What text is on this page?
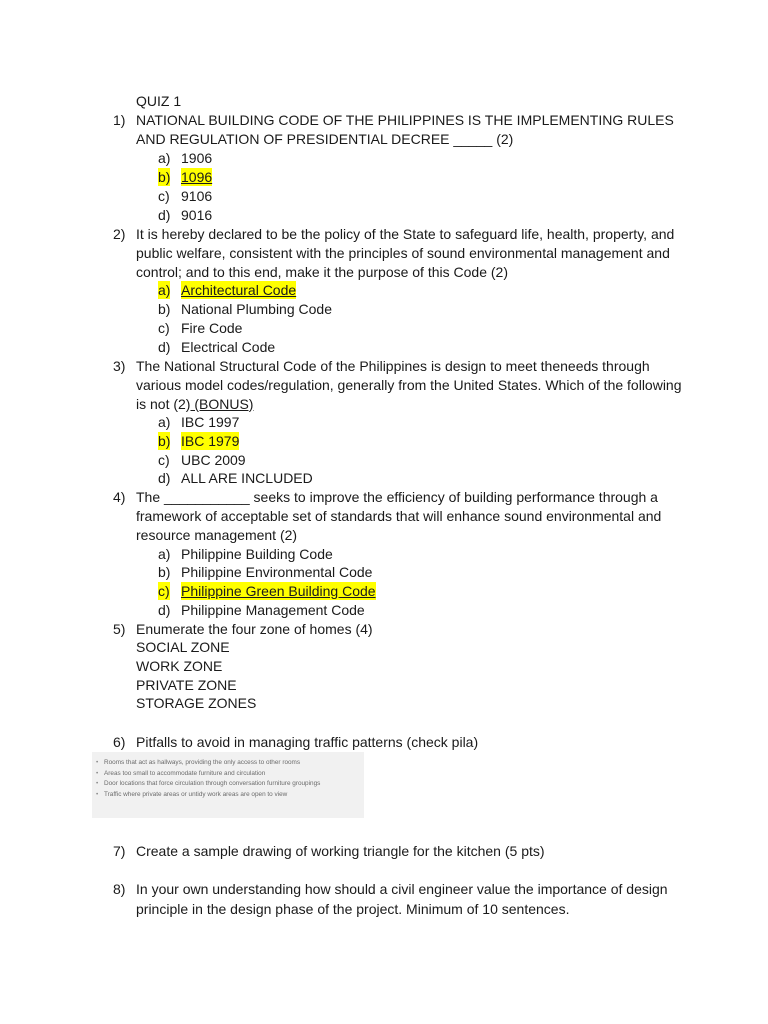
QUIZ 1
1) NATIONAL BUILDING CODE OF THE PHILIPPINES IS THE IMPLEMENTING RULES
AND REGULATION OF PRESIDENTIAL DECREE _____ (2)
a) 1906
b) 1096
c) 9106
d) 9016
2) It is hereby declared to be the policy of the State to safeguard life, health, property, and
public welfare, consistent with the principles of sound environmental management and
control; and to this end, make it the purpose of this Code (2)
a) Architectural Code
b) National Plumbing Code
c) Fire Code
d) Electrical Code
3) The National Structural Code of the Philippines is design to meet theneeds through
various model codes/regulation, generally from the United States. Which of the following
is not (2) (BONUS)
a) IBC 1997
b) IBC 1979
c) UBC 2009
d) ALL ARE INCLUDED
4) The ___________ seeks to improve the efficiency of building performance through a
framework of acceptable set of standards that will enhance sound environmental and
resource management (2)
a) Philippine Building Code
b) Philippine Environmental Code
c) Philippine Green Building Code
d) Philippine Management Code
5) Enumerate the four zone of homes (4)
SOCIAL ZONE
WORK ZONE
PRIVATE ZONE
STORAGE ZONES
6) Pitfalls to avoid in managing traffic patterns (check pila)
• Rooms that act as hallways, providing the only access to other rooms
• Areas too small to accommodate furniture and circulation
• Door locations that force circulation through conversation furniture groupings
• Traffic where private areas or untidy work areas are open to view
7) Create a sample drawing of working triangle for the kitchen (5 pts)
8) In your own understanding how should a civil engineer value the importance of design
principle in the design phase of the project. Minimum of 10 sentences.
